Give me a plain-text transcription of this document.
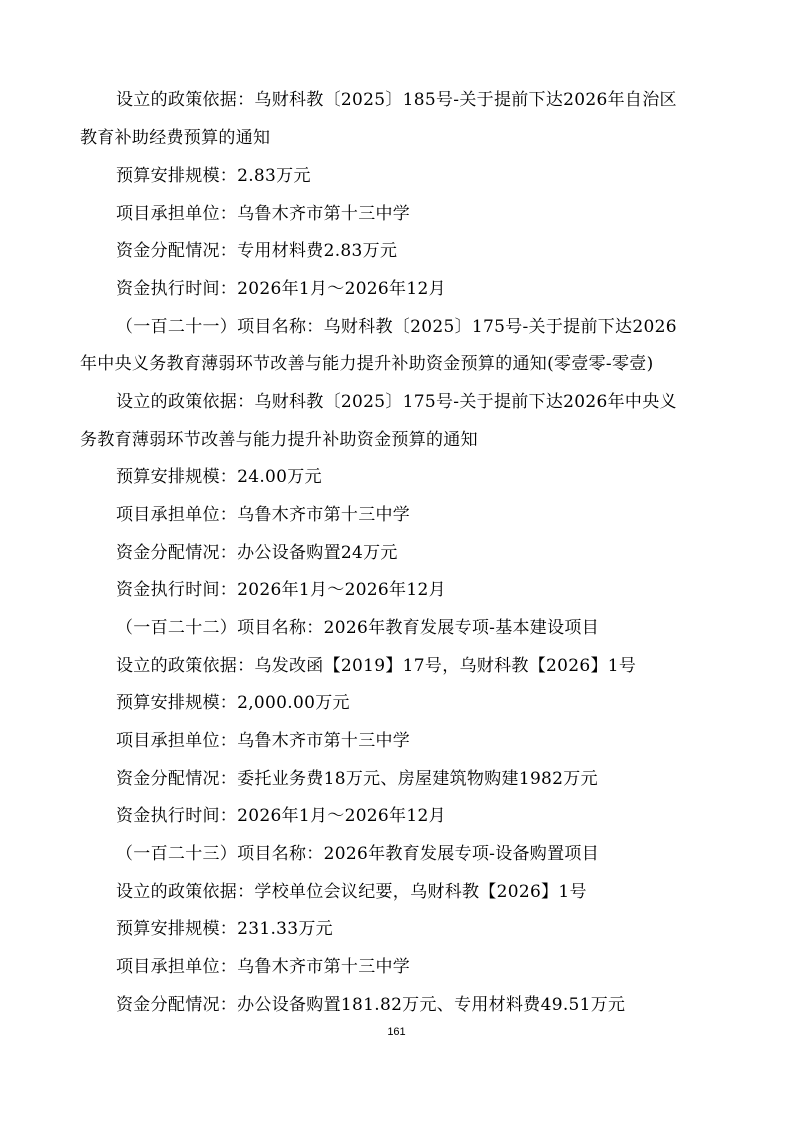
设立的政策依据：乌财科教〔2025〕185号-关于提前下达2026年自治区
教育补助经费预算的通知
预算安排规模：2.83万元
项目承担单位：乌鲁木齐市第十三中学
资金分配情况：专用材料费2.83万元
资金执行时间：2026年1月～2026年12月
（一百二十一）项目名称：乌财科教〔2025〕175号-关于提前下达2026
年中央义务教育薄弱环节改善与能力提升补助资金预算的通知(零壹零-零壹)
设立的政策依据：乌财科教〔2025〕175号-关于提前下达2026年中央义
务教育薄弱环节改善与能力提升补助资金预算的通知
预算安排规模：24.00万元
项目承担单位：乌鲁木齐市第十三中学
资金分配情况：办公设备购置24万元
资金执行时间：2026年1月～2026年12月
（一百二十二）项目名称：2026年教育发展专项-基本建设项目
设立的政策依据：乌发改函【2019】17号，乌财科教【2026】1号
预算安排规模：2,000.00万元
项目承担单位：乌鲁木齐市第十三中学
资金分配情况：委托业务费18万元、房屋建筑物购建1982万元
资金执行时间：2026年1月～2026年12月
（一百二十三）项目名称：2026年教育发展专项-设备购置项目
设立的政策依据：学校单位会议纪要，乌财科教【2026】1号
预算安排规模：231.33万元
项目承担单位：乌鲁木齐市第十三中学
资金分配情况：办公设备购置181.82万元、专用材料费49.51万元
161
